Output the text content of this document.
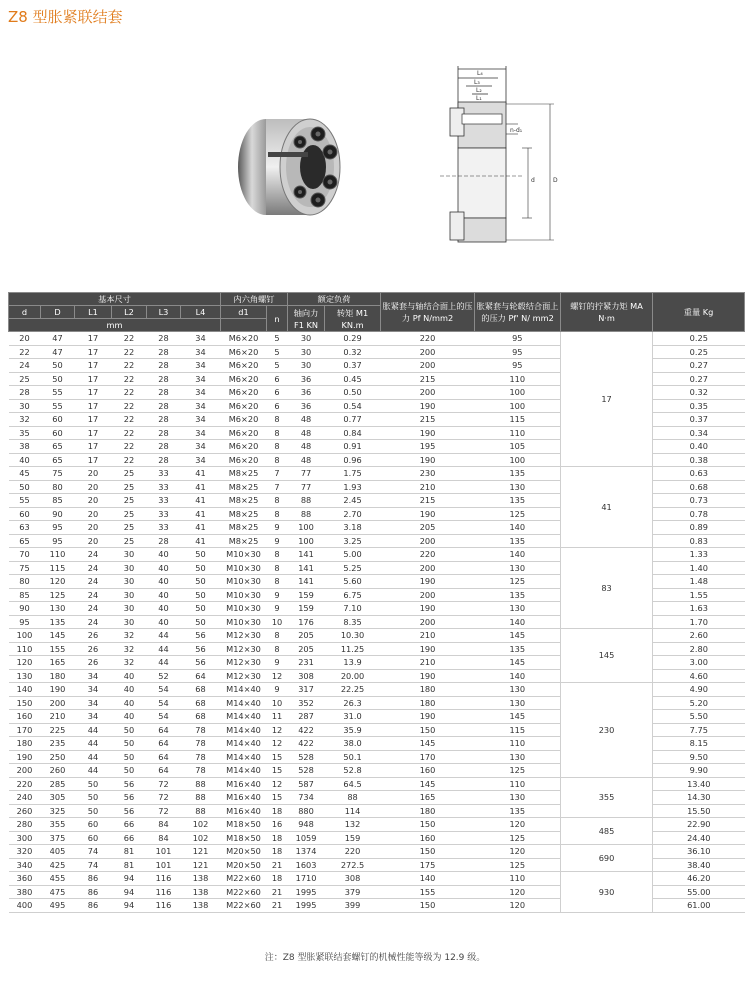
Z8 型胀紧联结套
L₄
L₃
L₂
L₁
n-d₁
d	D
基本尺寸						内六角螺钉		额定负荷		胀紧套与轴结合面上的压力 Pf N/mm2	胀紧套与轮毂结合面上的压力 Pf' N/ mm2	螺钉的拧紧力矩 MA N·m	重量 Kg
d	D	L1	L2	L3	L4	d1	n	轴向力 F1 KN	转矩 M1 KN.m				
mm													
20	47	17	22	28	34	M6×20	5	30	0.29	220	95	17	0.25
22	47	17	22	28	34	M6×20	5	30	0.32	200	95		0.25
24	50	17	22	28	34	M6×20	5	30	0.37	200	95		0.27
25	50	17	22	28	34	M6×20	6	36	0.45	215	110		0.27
28	55	17	22	28	34	M6×20	6	36	0.50	200	100		0.32
30	55	17	22	28	34	M6×20	6	36	0.54	190	100		0.35
32	60	17	22	28	34	M6×20	8	48	0.77	215	115		0.37
35	60	17	22	28	34	M6×20	8	48	0.84	190	110		0.34
38	65	17	22	28	34	M6×20	8	48	0.91	195	105		0.40
40	65	17	22	28	34	M6×20	8	48	0.96	190	100		0.38
45	75	20	25	33	41	M8×25	7	77	1.75	230	135	41	0.63
50	80	20	25	33	41	M8×25	7	77	1.93	210	130		0.68
55	85	20	25	33	41	M8×25	8	88	2.45	215	135		0.73
60	90	20	25	33	41	M8×25	8	88	2.70	190	125		0.78
63	95	20	25	33	41	M8×25	9	100	3.18	205	140		0.89
65	95	20	25	28	41	M8×25	9	100	3.25	200	135		0.83
70	110	24	30	40	50	M10×30	8	141	5.00	220	140	83	1.33
75	115	24	30	40	50	M10×30	8	141	5.25	200	130		1.40
80	120	24	30	40	50	M10×30	8	141	5.60	190	125		1.48
85	125	24	30	40	50	M10×30	9	159	6.75	200	135		1.55
90	130	24	30	40	50	M10×30	9	159	7.10	190	130		1.63
95	135	24	30	40	50	M10×30	10	176	8.35	200	140		1.70
100	145	26	32	44	56	M12×30	8	205	10.30	210	145	145	2.60
110	155	26	32	44	56	M12×30	8	205	11.25	190	135		2.80
120	165	26	32	44	56	M12×30	9	231	13.9	210	145		3.00
130	180	34	40	52	64	M12×30	12	308	20.00	190	140		4.60
140	190	34	40	54	68	M14×40	9	317	22.25	180	130	230	4.90
150	200	34	40	54	68	M14×40	10	352	26.3	180	130		5.20
160	210	34	40	54	68	M14×40	11	287	31.0	190	145		5.50
170	225	44	50	64	78	M14×40	12	422	35.9	150	115		7.75
180	235	44	50	64	78	M14×40	12	422	38.0	145	110		8.15
190	250	44	50	64	78	M14×40	15	528	50.1	170	130		9.50
200	260	44	50	64	78	M14×40	15	528	52.8	160	125		9.90
220	285	50	56	72	88	M16×40	12	587	64.5	145	110	355	13.40
240	305	50	56	72	88	M16×40	15	734	88	165	130		14.30
260	325	50	56	72	88	M16×40	18	880	114	180	135		15.50
280	355	60	66	84	102	M18×50	16	948	132	150	120	485	22.90
300	375	60	66	84	102	M18×50	18	1059	159	160	125		24.40
320	405	74	81	101	121	M20×50	18	1374	220	150	120	690	36.10
340	425	74	81	101	121	M20×50	21	1603	272.5	175	125		38.40
360	455	86	94	116	138	M22×60	18	1710	308	140	110	930	46.20
380	475	86	94	116	138	M22×60	21	1995	379	155	120		55.00
400	495	86	94	116	138	M22×60	21	1995	399	150	120		61.00
注：Z8 型胀紧联结套螺钉的机械性能等级为 12.9 级。
